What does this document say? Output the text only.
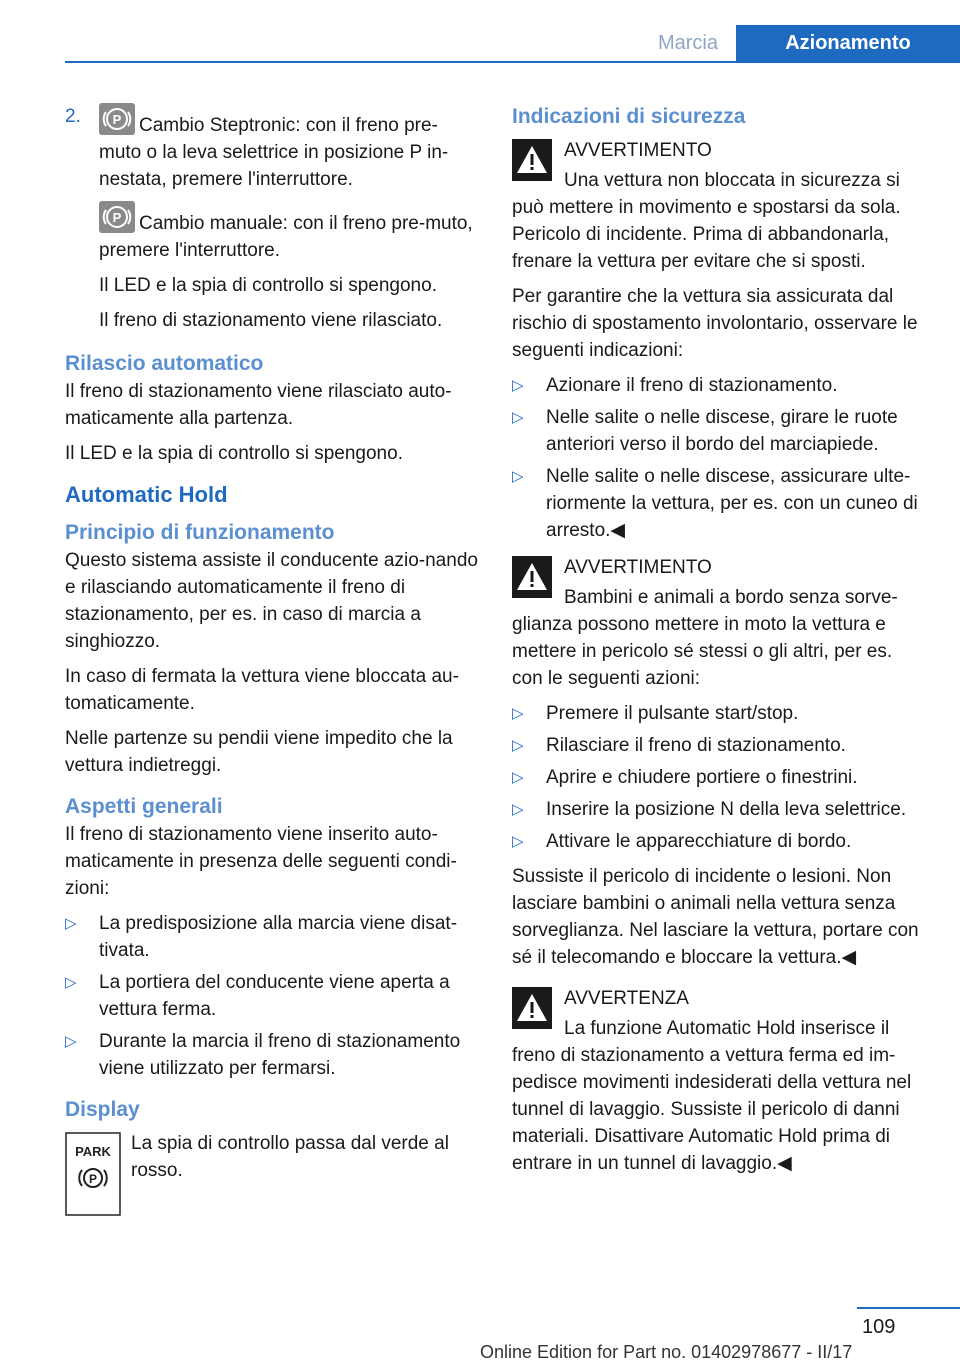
Marcia	Azionamento
2. P Cambio Steptronic: con il freno pre-muto o la leva selettrice in posizione P in-nestata, premere l'interruttore.

P Cambio manuale: con il freno pre-muto, premere l'interruttore.

Il LED e la spia di controllo si spengono.

Il freno di stazionamento viene rilasciato.

Rilascio automatico

Il freno di stazionamento viene rilasciato auto-maticamente alla partenza.

Il LED e la spia di controllo si spengono.

Automatic Hold
Principio di funzionamento

Questo sistema assiste il conducente azio-nando e rilasciando automaticamente il freno di stazionamento, per es. in caso di marcia a singhiozzo.

In caso di fermata la vettura viene bloccata au-tomaticamente.

Nelle partenze su pendii viene impedito che la vettura indietreggi.

Aspetti generali

Il freno di stazionamento viene inserito auto-maticamente in presenza delle seguenti condi-zioni:

▷ La predisposizione alla marcia viene disat-tivata.
▷ La portiera del conducente viene aperta a vettura ferma.
▷ Durante la marcia il freno di stazionamento viene utilizzato per fermarsi.
Display
PARK
P

La spia di controllo passa dal verde al rosso.

Indicazioni di sicurezza

AVVERTIMENTO

Una vettura non bloccata in sicurezza si può mettere in movimento e spostarsi da sola. Pericolo di incidente. Prima di abbandonarla, frenare la vettura per evitare che si sposti.

Per garantire che la vettura sia assicurata dal rischio di spostamento involontario, osservare le seguenti indicazioni:

▷ Azionare il freno di stazionamento.
▷ Nelle salite o nelle discese, girare le ruote anteriori verso il bordo del marciapiede.
▷ Nelle salite o nelle discese, assicurare ulte-riormente la vettura, per es. con un cuneo di arresto.◀

AVVERTIMENTO

Bambini e animali a bordo senza sorve-glianza possono mettere in moto la vettura e mettere in pericolo sé stessi o gli altri, per es. con le seguenti azioni:

▷ Premere il pulsante start/stop.
▷ Rilasciare il freno di stazionamento.
▷ Aprire e chiudere portiere o finestrini.
▷ Inserire la posizione N della leva selettrice.
▷ Attivare le apparecchiature di bordo.

Sussiste il pericolo di incidente o lesioni. Non lasciare bambini o animali nella vettura senza sorveglianza. Nel lasciare la vettura, portare con sé il telecomando e bloccare la vettura.◀

AVVERTENZA

La funzione Automatic Hold inserisce il freno di stazionamento a vettura ferma ed im-pedisce movimenti indesiderati della vettura nel tunnel di lavaggio. Sussiste il pericolo di danni materiali. Disattivare Automatic Hold prima di entrare in un tunnel di lavaggio.◀

109
Online Edition for Part no. 01402978677 - II/17
